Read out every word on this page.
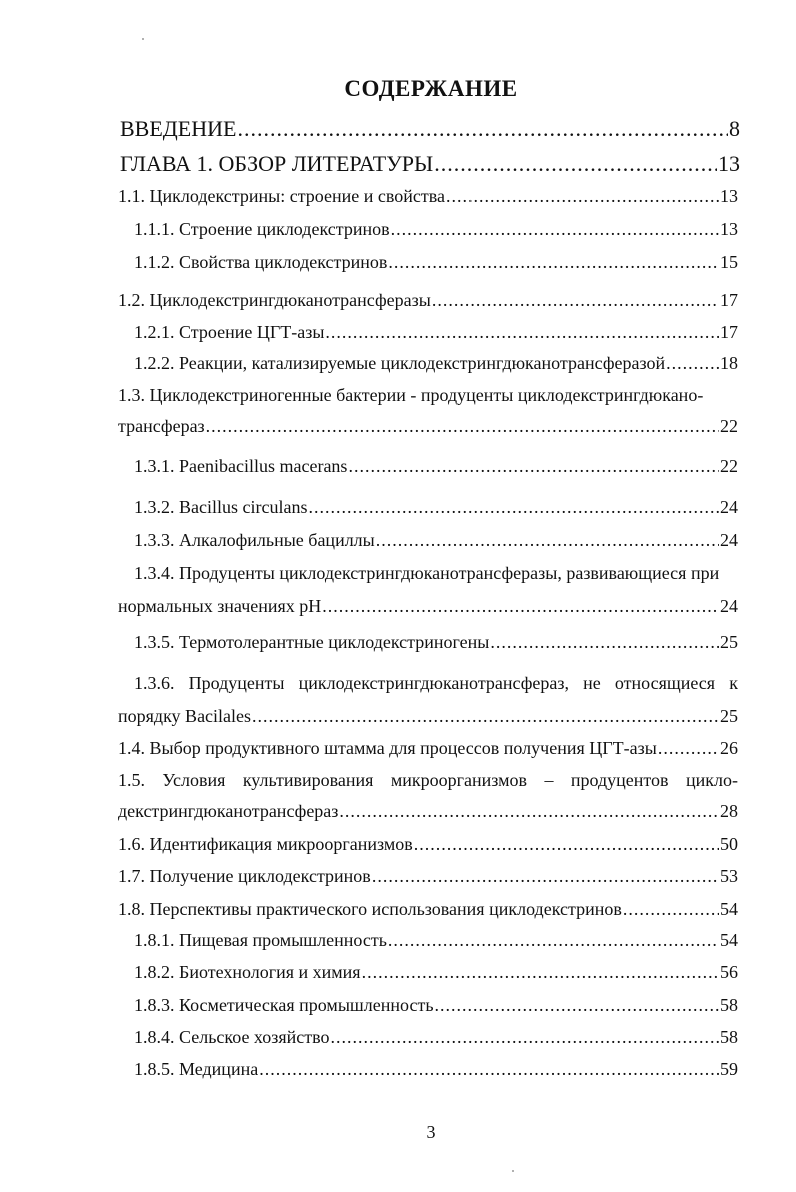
СОДЕРЖАНИЕ
ВВЕДЕНИЕ .....	8
ГЛАВА 1. ОБЗОР ЛИТЕРАТУРЫ .....	13
1.1. Циклодекстрины: строение и свойства .....	13
1.1.1. Строение циклодекстринов .....	13
1.1.2. Свойства циклодекстринов .....	15
1.2. Циклодекстрингдюканотрансферазы .....	17
1.2.1. Строение ЦГТ-азы .....	17
1.2.2. Реакции, катализируемые циклодекстрингдюканотрансферазой .....	18
1.3. Циклодекстриногенные бактерии - продуценты циклодекстрингдюкано-
трансфераз .....	22
1.3.1. Paenibacillus macerans .....	22
1.3.2. Bacillus circulans .....	24
1.3.3. Алкалофильные бациллы .....	24
1.3.4. Продуценты циклодекстрингдюканотрансферазы, развивающиеся при
нормальных значениях pH .....	24
1.3.5. Термотолерантные циклодекстриногены .....	25
1.3.6. Продуценты циклодекстрингдюканотрансфераз, не относящиеся к
порядку Bacilales .....	25
1.4. Выбор продуктивного штамма для процессов получения ЦГТ-азы .....	26
1.5. Условия культивирования микроорганизмов – продуцентов цикло-
декстрингдюканотрансфераз .....	28
1.6. Идентификация микроорганизмов .....	50
1.7. Получение циклодекстринов .....	53
1.8. Перспективы практического использования циклодекстринов .....	54
1.8.1. Пищевая промышленность .....	54
1.8.2. Биотехнология и химия .....	56
1.8.3. Косметическая промышленность .....	58
1.8.4. Сельское хозяйство .....	58
1.8.5. Медицина .....	59
3
